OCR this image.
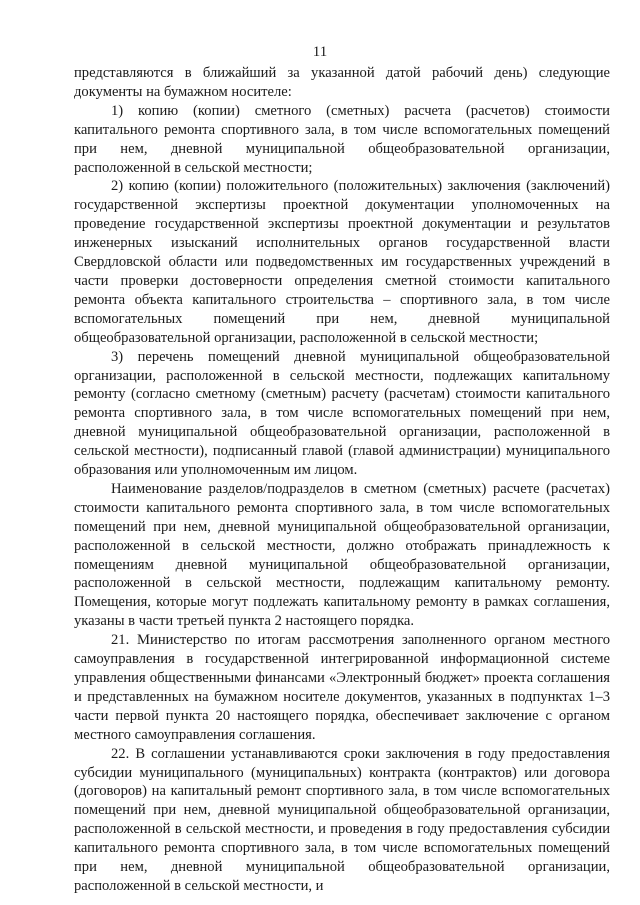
11

представляются в ближайший за указанной датой рабочий день) следующие документы на бумажном носителе:

1) копию (копии) сметного (сметных) расчета (расчетов) стоимости капитального ремонта спортивного зала, в том числе вспомогательных помещений при нем, дневной муниципальной общеобразовательной организации, расположенной в сельской местности;

2) копию (копии) положительного (положительных) заключения (заключений) государственной экспертизы проектной документации уполномоченных на проведение государственной экспертизы проектной документации и результатов инженерных изысканий исполнительных органов государственной власти Свердловской области или подведомственных им государственных учреждений в части проверки достоверности определения сметной стоимости капитального ремонта объекта капитального строительства – спортивного зала, в том числе вспомогательных помещений при нем, дневной муниципальной общеобразовательной организации, расположенной в сельской местности;

3) перечень помещений дневной муниципальной общеобразовательной организации, расположенной в сельской местности, подлежащих капитальному ремонту (согласно сметному (сметным) расчету (расчетам) стоимости капитального ремонта спортивного зала, в том числе вспомогательных помещений при нем, дневной муниципальной общеобразовательной организации, расположенной в сельской местности), подписанный главой (главой администрации) муниципального образования или уполномоченным им лицом.

Наименование разделов/подразделов в сметном (сметных) расчете (расчетах) стоимости капитального ремонта спортивного зала, в том числе вспомогательных помещений при нем, дневной муниципальной общеобразовательной организации, расположенной в сельской местности, должно отображать принадлежность к помещениям дневной муниципальной общеобразовательной организации, расположенной в сельской местности, подлежащим капитальному ремонту. Помещения, которые могут подлежать капитальному ремонту в рамках соглашения, указаны в части третьей пункта 2 настоящего порядка.

21. Министерство по итогам рассмотрения заполненного органом местного самоуправления в государственной интегрированной информационной системе управления общественными финансами «Электронный бюджет» проекта соглашения и представленных на бумажном носителе документов, указанных в подпунктах 1–3 части первой пункта 20 настоящего порядка, обеспечивает заключение с органом местного самоуправления соглашения.

22. В соглашении устанавливаются сроки заключения в году предоставления субсидии муниципального (муниципальных) контракта (контрактов) или договора (договоров) на капитальный ремонт спортивного зала, в том числе вспомогательных помещений при нем, дневной муниципальной общеобразовательной организации, расположенной в сельской местности, и проведения в году предоставления субсидии капитального ремонта спортивного зала, в том числе вспомогательных помещений при нем, дневной муниципальной общеобразовательной организации, расположенной в сельской местности, и
